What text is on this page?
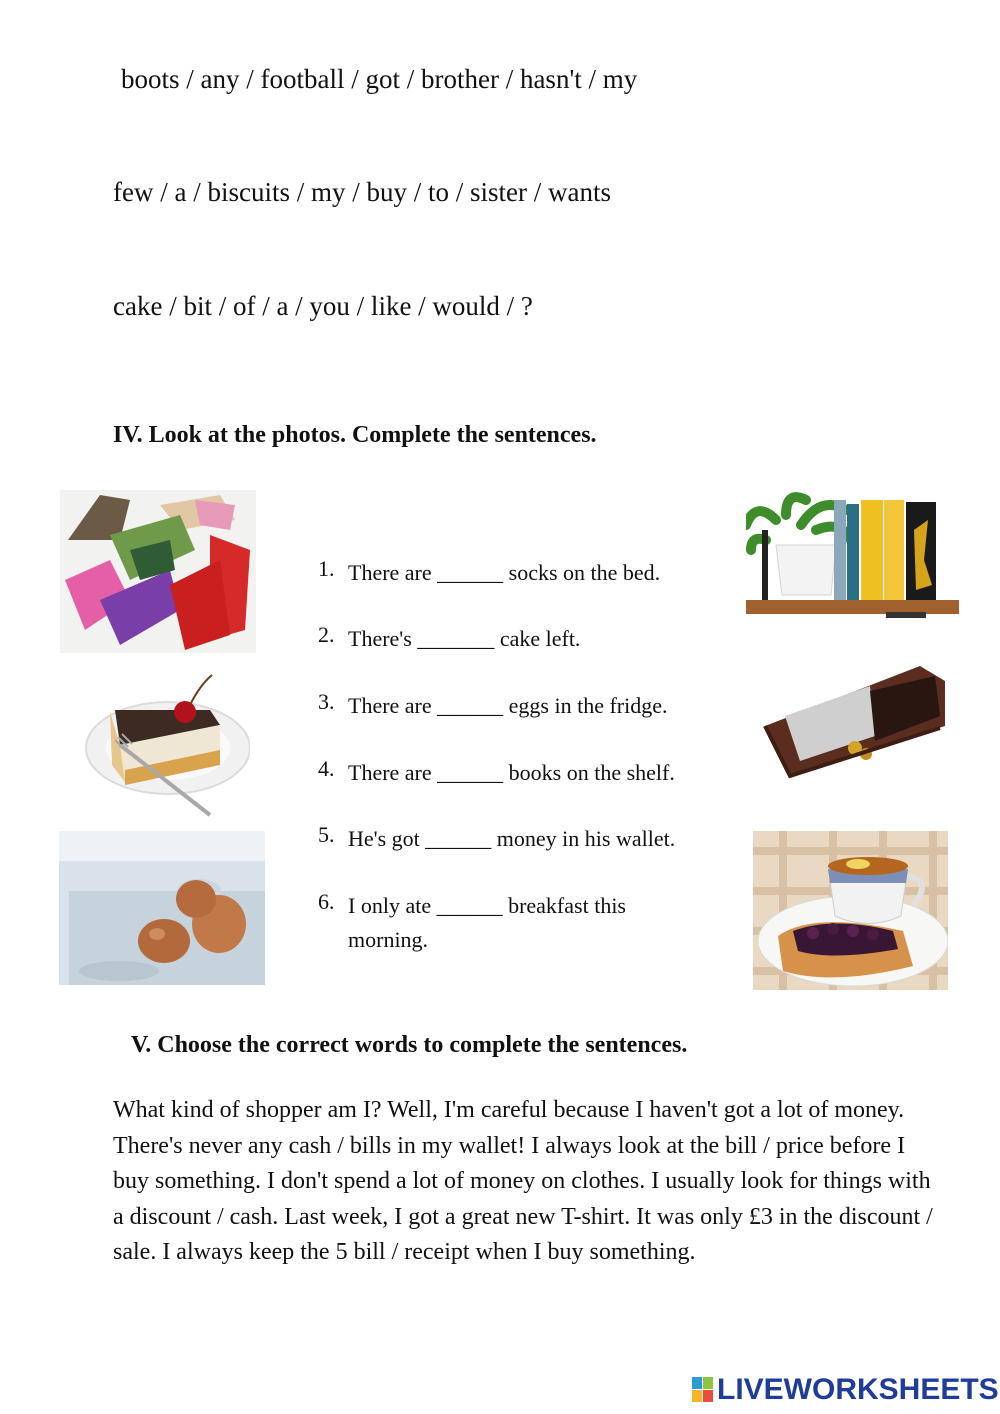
boots / any / football / got / brother / hasn't / my
few / a / biscuits / my / buy / to / sister / wants
cake / bit / of / a / you / like / would / ?
IV. Look at the photos. Complete the sentences.
1. There are ______ socks on the bed.
2. There's _______ cake left.
3. There are ______ eggs in the fridge.
4. There are ______ books on the shelf.
5. He's got ______ money in his wallet.
6. I only ate ______ breakfast this morning.
V. Choose the correct words to complete the sentences.
What kind of shopper am I? Well, I'm careful because I haven't got a lot of money. There's never any cash / bills in my wallet! I always look at the bill / price before I buy something. I don't spend a lot of money on clothes. I usually look for things with a discount / cash. Last week, I got a great new T-shirt. It was only £3 in the discount / sale. I always keep the 5 bill / receipt when I buy something.
LIVEWORKSHEETS
